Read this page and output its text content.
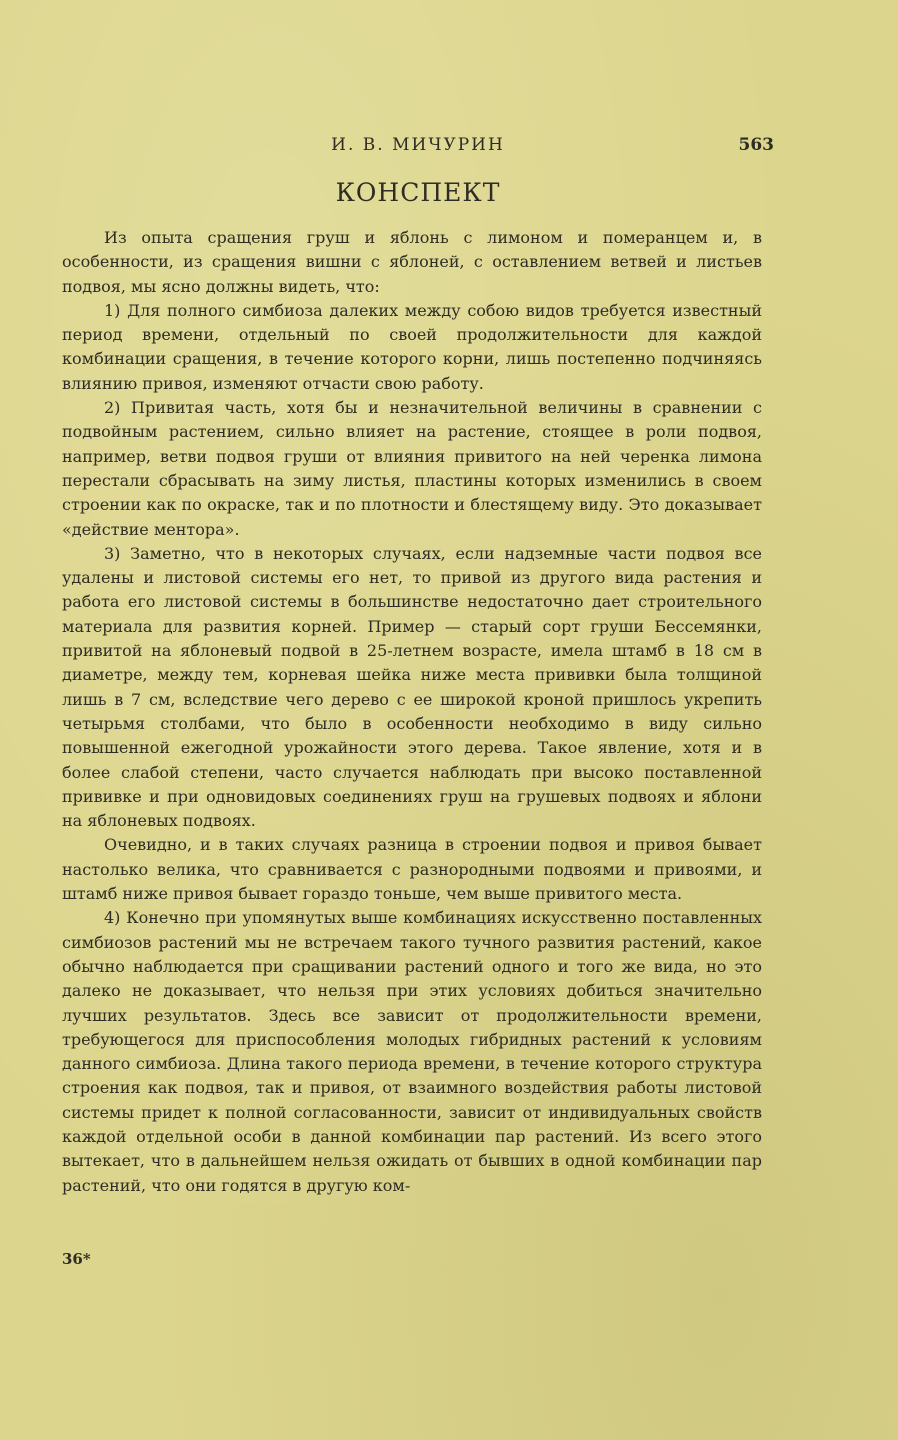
И. В. МИЧУРИН	563
КОНСПЕКТ

Из опыта сращения груш и яблонь с лимоном и померанцем и, в особенности, из сращения вишни с яблоней, с оставлением ветвей и листьев подвоя, мы ясно должны видеть, что:

1) Для полного симбиоза далеких между собою видов требуется известный период времени, отдельный по своей продолжительности для каждой комбинации сращения, в течение которого корни, лишь постепенно подчиняясь влиянию привоя, изменяют отчасти свою работу.

2) Привитая часть, хотя бы и незначительной величины в сравнении с подвойным растением, сильно влияет на растение, стоящее в роли подвоя, например, ветви подвоя груши от влияния привитого на ней черенка лимона перестали сбрасывать на зиму листья, пластины которых изменились в своем строении как по окраске, так и по плотности и блестящему виду. Это доказывает «действие ментора».

3) Заметно, что в некоторых случаях, если надземные части подвоя все удалены и листовой системы его нет, то привой из другого вида растения и работа его листовой системы в большинстве недостаточно дает строительного материала для развития корней. Пример — старый сорт груши Бессемянки, привитой на яблоневый подвой в 25-летнем возрасте, имела штамб в 18 см в диаметре, между тем, корневая шейка ниже места прививки была толщиной лишь в 7 см, вследствие чего дерево с ее широкой кроной пришлось укрепить четырьмя столбами, что было в особенности необходимо в виду сильно повышенной ежегодной урожайности этого дерева. Такое явление, хотя и в более слабой степени, часто случается наблюдать при высоко поставленной прививке и при одновидовых соединениях груш на грушевых подвоях и яблони на яблоневых подвоях.

Очевидно, и в таких случаях разница в строении подвоя и привоя бывает настолько велика, что сравнивается с разнородными подвоями и привоями, и штамб ниже привоя бывает гораздо тоньше, чем выше привитого места.

4) Конечно при упомянутых выше комбинациях искусственно поставленных симбиозов растений мы не встречаем такого тучного развития растений, какое обычно наблюдается при сращивании растений одного и того же вида, но это далеко не доказывает, что нельзя при этих условиях добиться значительно лучших результатов. Здесь все зависит от продолжительности времени, требующегося для приспособления молодых гибридных растений к условиям данного симбиоза. Длина такого периода времени, в течение которого структура строения как подвоя, так и привоя, от взаимного воздействия работы листовой системы придет к полной согласованности, зависит от индивидуальных свойств каждой отдельной особи в данной комбинации пар растений. Из всего этого вытекает, что в дальнейшем нельзя ожидать от бывших в одной комбинации пар растений, что они годятся в другую ком-

36*
